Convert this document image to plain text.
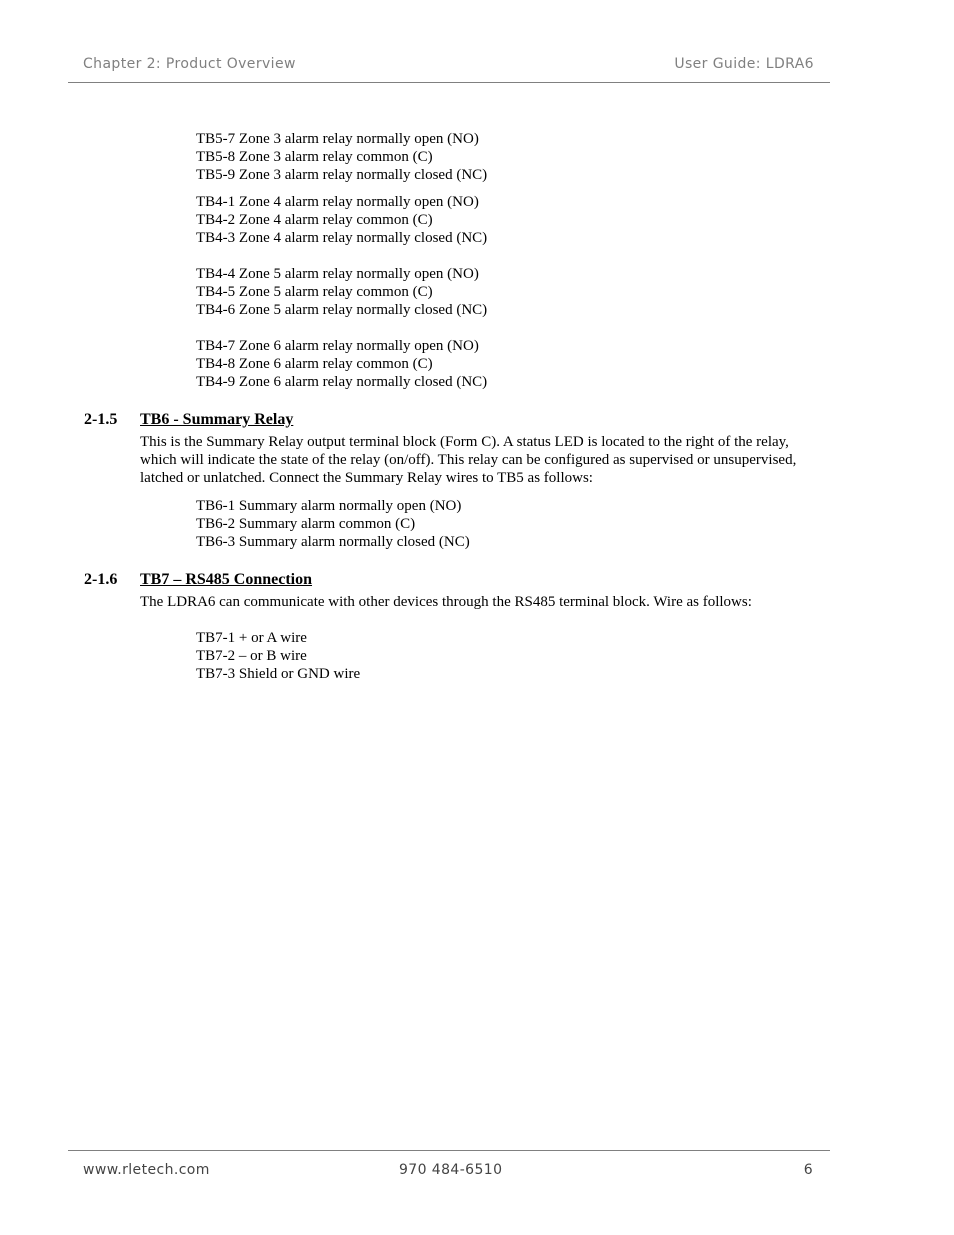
Chapter 2: Product Overview	User Guide: LDRA6
TB5-7 Zone 3 alarm relay normally open (NO)
TB5-8 Zone 3 alarm relay common (C)
TB5-9 Zone 3 alarm relay normally closed (NC)
TB4-1 Zone 4 alarm relay normally open (NO)
TB4-2 Zone 4 alarm relay common (C)
TB4-3 Zone 4 alarm relay normally closed (NC)
TB4-4 Zone 5 alarm relay normally open (NO)
TB4-5 Zone 5 alarm relay common (C)
TB4-6 Zone 5 alarm relay normally closed (NC)
TB4-7 Zone 6 alarm relay normally open (NO)
TB4-8 Zone 6 alarm relay common (C)
TB4-9 Zone 6 alarm relay normally closed (NC)
2-1.5 TB6 - Summary Relay
This is the Summary Relay output terminal block (Form C). A status LED is located to the right of the relay, which will indicate the state of the relay (on/off). This relay can be configured as supervised or unsupervised, latched or unlatched. Connect the Summary Relay wires to TB5 as follows:
TB6-1 Summary alarm normally open (NO)
TB6-2 Summary alarm common (C)
TB6-3 Summary alarm normally closed (NC)
2-1.6 TB7 – RS485 Connection
The LDRA6 can communicate with other devices through the RS485 terminal block. Wire as follows:
TB7-1 + or A wire
TB7-2 – or B wire
TB7-3 Shield or GND wire
www.rletech.com	970 484-6510	6
